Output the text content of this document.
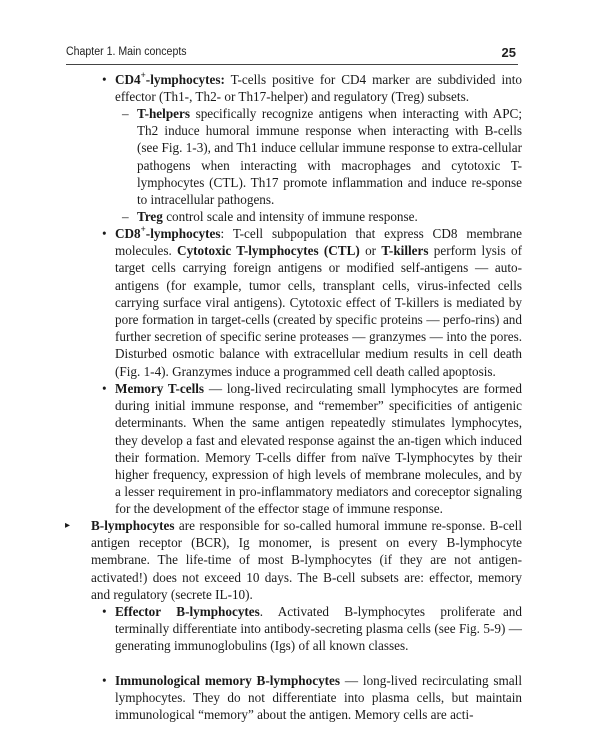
Chapter 1. Main concepts	25
• CD4+-lymphocytes: T-cells positive for CD4 marker are subdivided into effector (Th1-, Th2- or Th17-helper) and regulatory (Treg) subsets.

– T-helpers specifically recognize antigens when interacting with APC; Th2 induce humoral immune response when interacting with B-cells (see Fig. 1-3), and Th1 induce cellular immune response to extra-cellular pathogens when interacting with macrophages and cytotoxic T-lymphocytes (CTL). Th17 promote inflammation and induce re-sponse to intracellular pathogens.

– Treg control scale and intensity of immune response.

• CD8+-lymphocytes: T-cell subpopulation that express CD8 membrane molecules. Cytotoxic T-lymphocytes (CTL) or T-killers perform lysis of target cells carrying foreign antigens or modified self-antigens — auto-antigens (for example, tumor cells, transplant cells, virus-infected cells carrying surface viral antigens). Cytotoxic effect of T-killers is mediated by pore formation in target-cells (created by specific proteins — perfo-rins) and further secretion of specific serine proteases — granzymes — into the pores. Disturbed osmotic balance with extracellular medium results in cell death (Fig. 1-4). Granzymes induce a programmed cell death called apoptosis.

• Memory T-cells — long-lived recirculating small lymphocytes are formed during initial immune response, and “remember” specificities of antigenic determinants. When the same antigen repeatedly stimulates lymphocytes, they develop a fast and elevated response against the an-tigen which induced their formation. Memory T-cells differ from naïve T-lymphocytes by their higher frequency, expression of high levels of membrane molecules, and by a lesser requirement in pro-inflammatory mediators and coreceptor signaling for the development of the effector stage of immune response.

▸ B-lymphocytes are responsible for so-called humoral immune re-sponse. B-cell antigen receptor (BCR), Ig monomer, is present on every B-lymphocyte membrane. The life-time of most B-lymphocytes (if they are not antigen-activated!) does not exceed 10 days. The B-cell subsets are: effector, memory and regulatory (secrete IL-10).

• Effector  B-lymphocytes.  Activated  B-lymphocytes  proliferate and terminally differentiate into antibody-secreting plasma cells (see Fig. 5-9) — generating immunoglobulins (Igs) of all known classes.

• Immunological memory B-lymphocytes — long-lived recirculating small lymphocytes. They do not differentiate into plasma cells, but maintain immunological “memory” about the antigen. Memory cells are acti-
